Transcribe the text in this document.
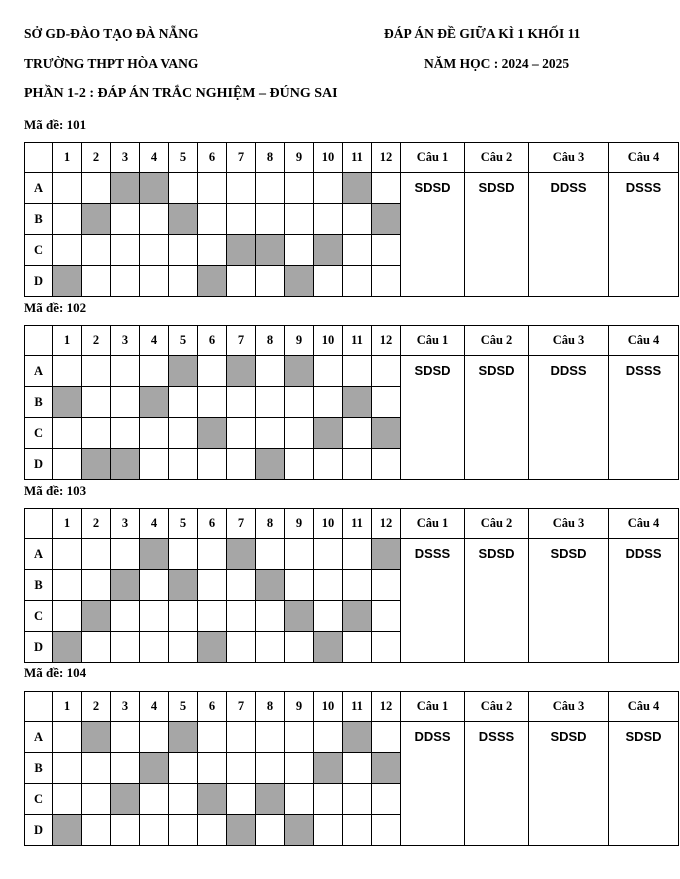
SỞ GD-ĐÀO TẠO ĐÀ NẴNG	ĐÁP ÁN ĐỀ GIỮA KÌ 1 KHỐI 11
TRƯỜNG THPT HÒA VANG	NĂM HỌC : 2024 – 2025
PHẦN 1-2 : ĐÁP ÁN TRẮC NGHIỆM – ĐÚNG SAI
Mã đề: 101
	1	2	3	4	5	6	7	8	9	10	11	12	Câu 1	Câu 2	Câu 3	Câu 4
A													SDSD	SDSD	DDSS	DSSS
B																
C																
D																
Mã đề: 102
	1	2	3	4	5	6	7	8	9	10	11	12	Câu 1	Câu 2	Câu 3	Câu 4
A													SDSD	SDSD	DDSS	DSSS
B																
C																
D																
Mã đề: 103
	1	2	3	4	5	6	7	8	9	10	11	12	Câu 1	Câu 2	Câu 3	Câu 4
A													DSSS	SDSD	SDSD	DDSS
B																
C																
D																
Mã đề: 104
	1	2	3	4	5	6	7	8	9	10	11	12	Câu 1	Câu 2	Câu 3	Câu 4
A													DDSS	DSSS	SDSD	SDSD
B																
C																
D																
